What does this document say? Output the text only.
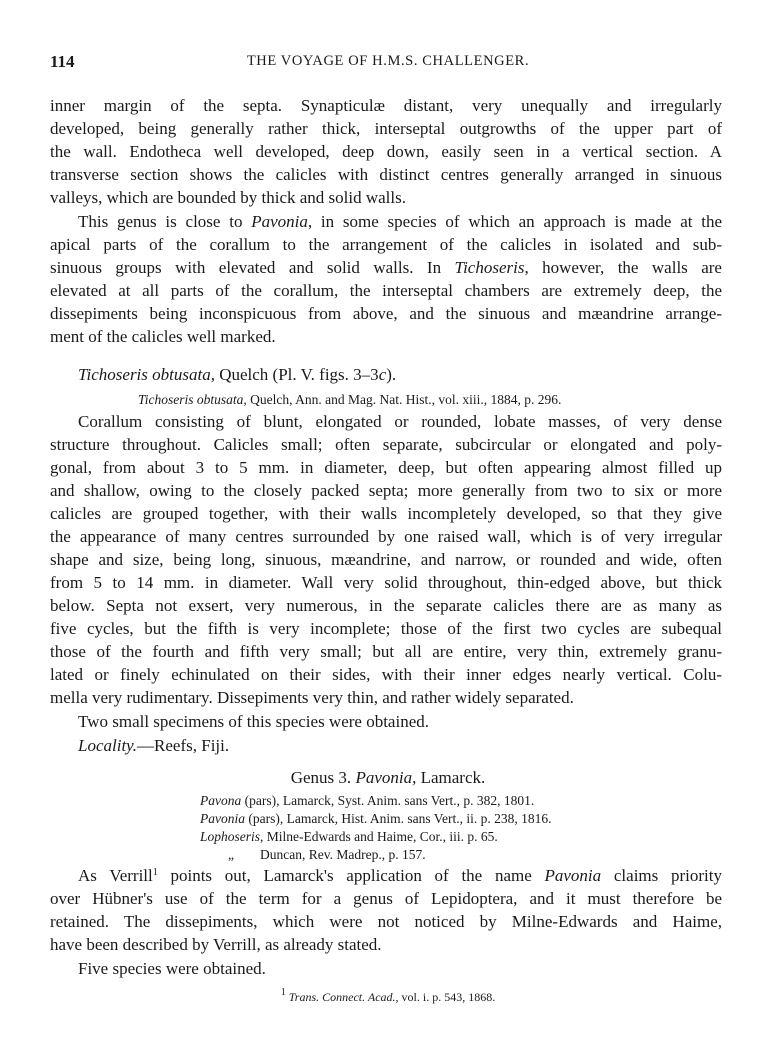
114	THE VOYAGE OF H.M.S. CHALLENGER.
inner margin of the septa. Synapticulæ distant, very unequally and irregularly
developed, being generally rather thick, interseptal outgrowths of the upper part of
the wall. Endotheca well developed, deep down, easily seen in a vertical section. A
transverse section shows the calicles with distinct centres generally arranged in sinuous
valleys, which are bounded by thick and solid walls.
This genus is close to Pavonia, in some species of which an approach is made at the
apical parts of the corallum to the arrangement of the calicles in isolated and sub-
sinuous groups with elevated and solid walls. In Tichoseris, however, the walls are
elevated at all parts of the corallum, the interseptal chambers are extremely deep, the
dissepiments being inconspicuous from above, and the sinuous and mæandrine arrange-
ment of the calicles well marked.
Tichoseris obtusata, Quelch (Pl. V. figs. 3–3c).
Tichoseris obtusata, Quelch, Ann. and Mag. Nat. Hist., vol. xiii., 1884, p. 296.
Corallum consisting of blunt, elongated or rounded, lobate masses, of very dense
structure throughout. Calicles small; often separate, subcircular or elongated and poly-
gonal, from about 3 to 5 mm. in diameter, deep, but often appearing almost filled up
and shallow, owing to the closely packed septa; more generally from two to six or more
calicles are grouped together, with their walls incompletely developed, so that they give
the appearance of many centres surrounded by one raised wall, which is of very irregular
shape and size, being long, sinuous, mæandrine, and narrow, or rounded and wide, often
from 5 to 14 mm. in diameter. Wall very solid throughout, thin-edged above, but thick
below. Septa not exsert, very numerous, in the separate calicles there are as many as
five cycles, but the fifth is very incomplete; those of the first two cycles are subequal
those of the fourth and fifth very small; but all are entire, very thin, extremely granu-
lated or finely echinulated on their sides, with their inner edges nearly vertical. Colu-
mella very rudimentary. Dissepiments very thin, and rather widely separated.
Two small specimens of this species were obtained.
Locality.—Reefs, Fiji.
Genus 3. Pavonia, Lamarck.
Pavona (pars), Lamarck, Syst. Anim. sans Vert., p. 382, 1801.
Pavonia (pars), Lamarck, Hist. Anim. sans Vert., ii. p. 238, 1816.
Lophoseris, Milne-Edwards and Haime, Cor., iii. p. 65.
„ Duncan, Rev. Madrep., p. 157.
As Verrill$^1$ points out, Lamarck's application of the name Pavonia claims priority
over Hübner's use of the term for a genus of Lepidoptera, and it must therefore be
retained. The dissepiments, which were not noticed by Milne-Edwards and Haime,
have been described by Verrill, as already stated.
Five species were obtained.
$^1$ Trans. Connect. Acad., vol. i. p. 543, 1868.
